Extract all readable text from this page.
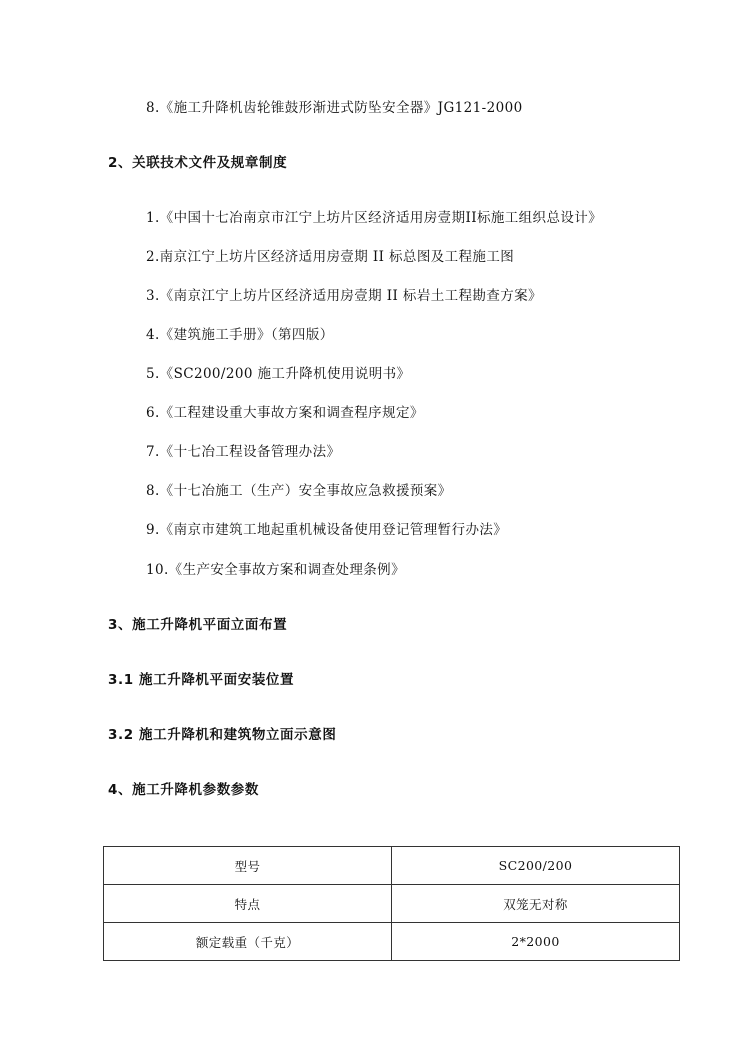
8.《施工升降机齿轮锥鼓形渐进式防坠安全器》JG121-2000
2、关联技术文件及规章制度
1.《中国十七冶南京市江宁上坊片区经济适用房壹期II标施工组织总设计》
2.南京江宁上坊片区经济适用房壹期 II 标总图及工程施工图
3.《南京江宁上坊片区经济适用房壹期 II 标岩土工程勘查方案》
4.《建筑施工手册》（第四版）
5.《SC200/200 施工升降机使用说明书》
6.《工程建设重大事故方案和调查程序规定》
7.《十七冶工程设备管理办法》
8.《十七冶施工（生产）安全事故应急救援预案》
9.《南京市建筑工地起重机械设备使用登记管理暂行办法》
10.《生产安全事故方案和调查处理条例》
3、施工升降机平面立面布置
3.1 施工升降机平面安装位置
3.2 施工升降机和建筑物立面示意图
4、施工升降机参数参数
型号	SC200/200
特点	双笼无对称
额定载重（千克）	2*2000
